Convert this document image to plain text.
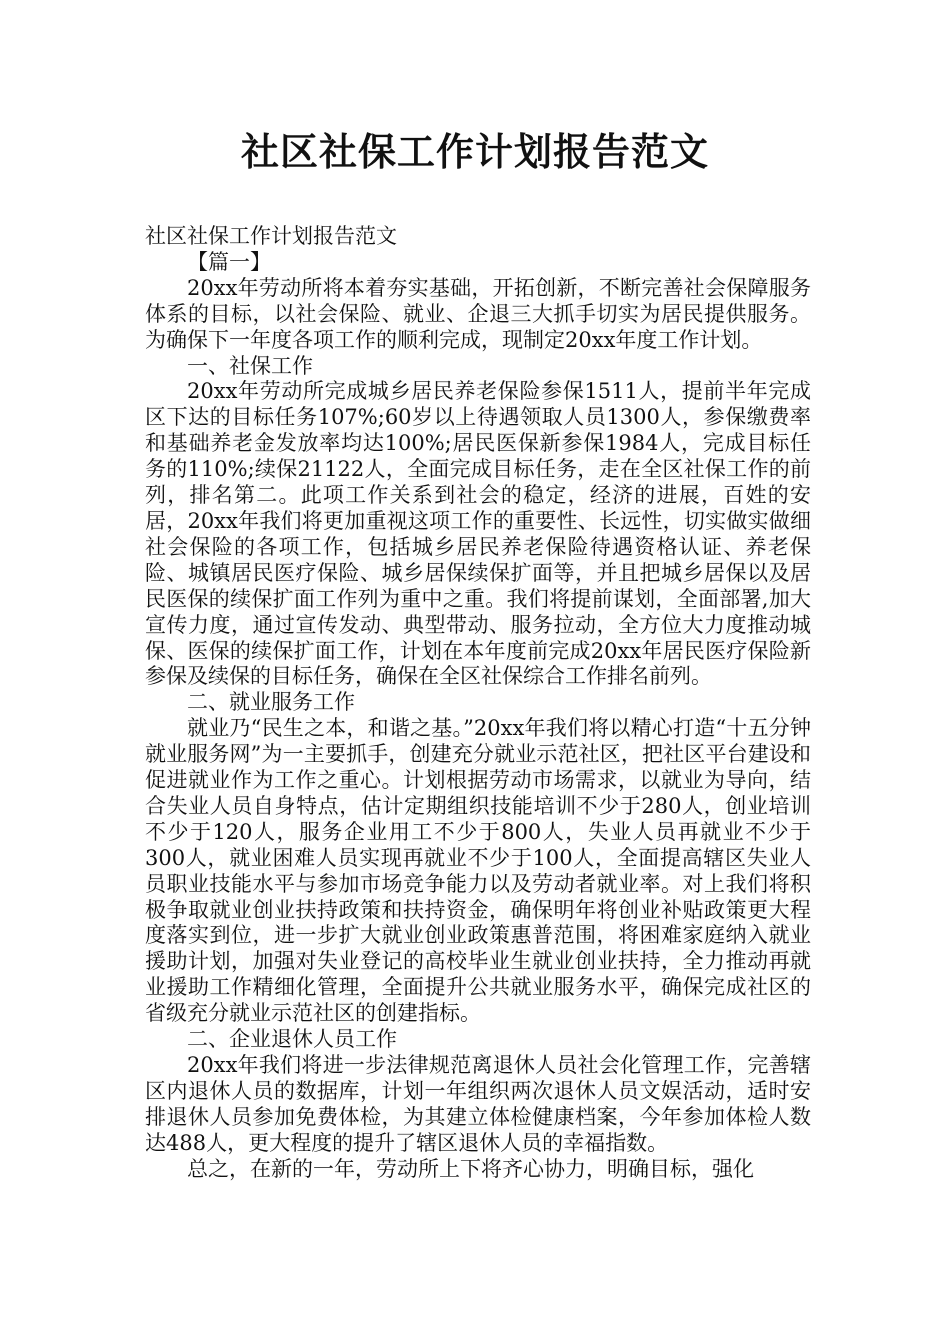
社区社保工作计划报告范文

社区社保工作计划报告范文

【篇一】

20xx年劳动所将本着夯实基础，开拓创新，不断完善社会保障服务体系的目标，以社会保险、就业、企退三大抓手切实为居民提供服务。为确保下一年度各项工作的顺利完成，现制定20xx年度工作计划。

一、社保工作

20xx年劳动所完成城乡居民养老保险参保1511人，提前半年完成区下达的目标任务107%;60岁以上待遇领取人员1300人，参保缴费率和基础养老金发放率均达100%;居民医保新参保1984人，完成目标任务的110%;续保21122人，全面完成目标任务，走在全区社保工作的前列，排名第二。此项工作关系到社会的稳定，经济的进展，百姓的安居，20xx年我们将更加重视这项工作的重要性、长远性，切实做实做细社会保险的各项工作，包括城乡居民养老保险待遇资格认证、养老保险、城镇居民医疗保险、城乡居保续保扩面等，并且把城乡居保以及居民医保的续保扩面工作列为重中之重。我们将提前谋划，全面部署,加大宣传力度，通过宣传发动、典型带动、服务拉动，全方位大力度推动城保、医保的续保扩面工作，计划在本年度前完成20xx年居民医疗保险新参保及续保的目标任务，确保在全区社保综合工作排名前列。

二、就业服务工作

就业乃“民生之本，和谐之基。”20xx年我们将以精心打造“十五分钟就业服务网”为一主要抓手，创建充分就业示范社区，把社区平台建设和促进就业作为工作之重心。计划根据劳动市场需求，以就业为导向，结合失业人员自身特点，估计定期组织技能培训不少于280人，创业培训不少于120人，服务企业用工不少于800人，失业人员再就业不少于300人，就业困难人员实现再就业不少于100人，全面提高辖区失业人员职业技能水平与参加市场竞争能力以及劳动者就业率。对上我们将积极争取就业创业扶持政策和扶持资金，确保明年将创业补贴政策更大程度落实到位，进一步扩大就业创业政策惠普范围，将困难家庭纳入就业援助计划，加强对失业登记的高校毕业生就业创业扶持，全力推动再就业援助工作精细化管理，全面提升公共就业服务水平，确保完成社区的省级充分就业示范社区的创建指标。

二、企业退休人员工作

20xx年我们将进一步法律规范离退休人员社会化管理工作，完善辖区内退休人员的数据库，计划一年组织两次退休人员文娱活动，适时安排退休人员参加免费体检，为其建立体检健康档案，今年参加体检人数达488人，更大程度的提升了辖区退休人员的幸福指数。

总之，在新的一年，劳动所上下将齐心协力，明确目标，强化
